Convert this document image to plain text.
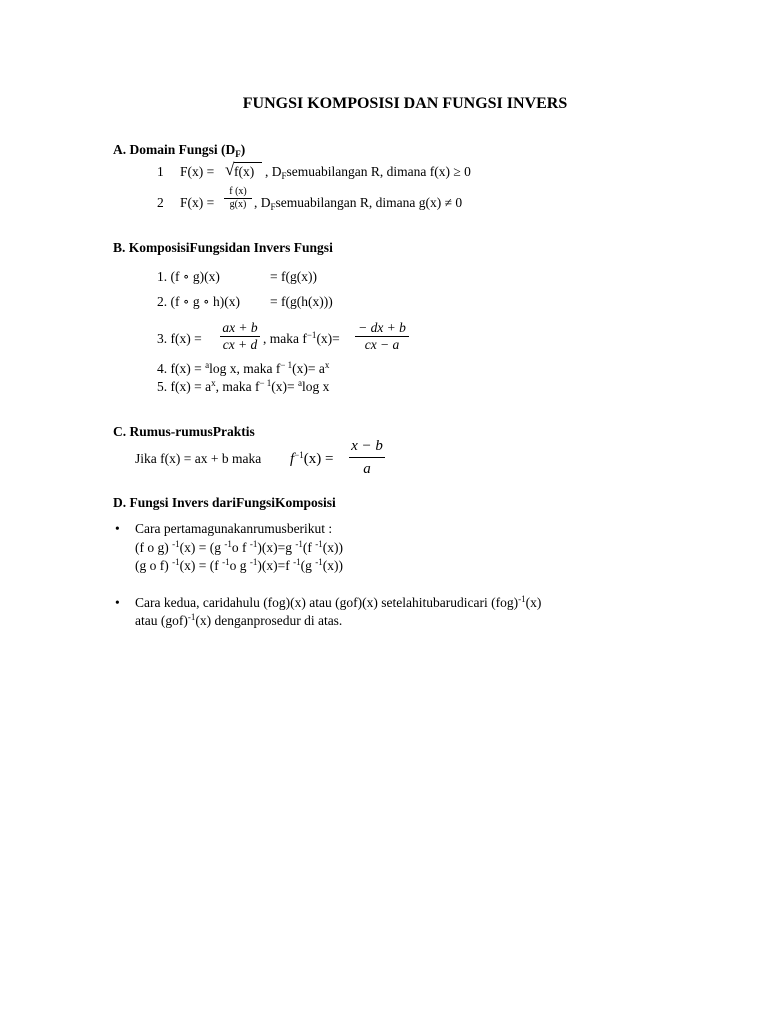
FUNGSI KOMPOSISI DAN FUNGSI INVERS
A. Domain Fungsi $(D_F)$
1 F(x) = √ f(x) , $D_Fsemuabilangan$ R, dimana f(x) ≥ 0
2 F(x) =
f (x)
g(x) , $D_Fsemuabilangan$ R, dimana g(x) ≠ 0
B. KomposisiFungsidan Invers Fungsi
1. (f ∘ g)(x)	= f(g(x))
2. (f ∘ g ∘ h)(x) = f(g(h(x)))
3. f(x) =
ax + b
cx + d , maka $f^{-1}(x)=$
− dx + b
cx − a
4. f(x) = $^a$log x, maka $f^{- 1}(x)= a^x$
5. $f(x) = a^x$, maka $f^{- 1}(x)= ^a\log$ x
C. Rumus-rumusPraktis
Jika f(x) = ax + b maka $f^{-1}(x)$ =
x − b
a
D. Fungsi Invers dariFungsiKomposisi
• Cara pertamagunakanrumusberikut :
(f o g) $^{-1}$(x) = (g $^{-1}$o f $^{-1}$)(x)=g $^{-1}$(f $^{-1}$(x))
(g o f) $^{-1}$(x) = (f $^{-1}$o g $^{-1}$)(x)=f $^{-1}$(g $^{-1}$(x))
• Cara kedua, caridahulu (fog)(x) atau (gof)(x) setelahitubarudicari (fog)$^{-1}$(x)
atau (gof)$^{-1}$(x) denganprosedur di atas.
